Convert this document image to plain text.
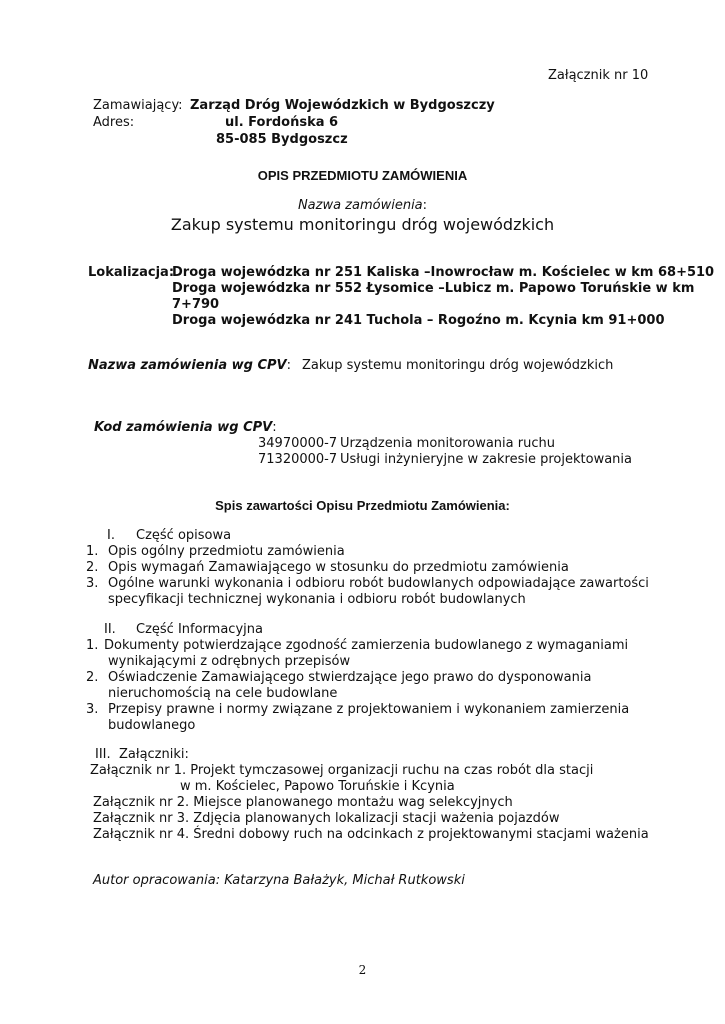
Załącznik nr 10
Zamawiający: Zarząd Dróg Wojewódzkich w Bydgoszczy
Adres:	ul. Fordońska 6
85-085 Bydgoszcz
OPIS PRZEDMIOTU ZAMÓWIENIA
Nazwa zamówienia:
Zakup systemu monitoringu dróg wojewódzkich
Lokalizacja:
Droga wojewódzka nr 251 Kaliska –Inowrocław m. Kościelec w km 68+510
Droga wojewódzka nr 552 Łysomice –Lubicz m. Papowo Toruńskie w km
7+790
Droga wojewódzka nr 241 Tuchola – Rogoźno m. Kcynia km 91+000
Nazwa zamówienia wg CPV: Zakup systemu monitoringu dróg wojewódzkich
Kod zamówienia wg CPV:
34970000-7 Urządzenia monitorowania ruchu
71320000-7 Usługi inżynieryjne w zakresie projektowania
Spis zawartości Opisu Przedmiotu Zamówienia:
I. Część opisowa
1. Opis ogólny przedmiotu zamówienia
2. Opis wymagań Zamawiającego w stosunku do przedmiotu zamówienia
3. Ogólne warunki wykonania i odbioru robót budowlanych odpowiadające zawartości
specyfikacji technicznej wykonania i odbioru robót budowlanych
II. Część Informacyjna
1. Dokumenty potwierdzające zgodność zamierzenia budowlanego z wymaganiami
wynikającymi z odrębnych przepisów
2. Oświadczenie Zamawiającego stwierdzające jego prawo do dysponowania
nieruchomością na cele budowlane
3. Przepisy prawne i normy związane z projektowaniem i wykonaniem zamierzenia
budowlanego
III. Załączniki:
Załącznik nr 1. Projekt tymczasowej organizacji ruchu na czas robót dla stacji
w m. Kościelec, Papowo Toruńskie i Kcynia
Załącznik nr 2. Miejsce planowanego montażu wag selekcyjnych
Załącznik nr 3. Zdjęcia planowanych lokalizacji stacji ważenia pojazdów
Załącznik nr 4. Średni dobowy ruch na odcinkach z projektowanymi stacjami ważenia
Autor opracowania: Katarzyna Bałażyk, Michał Rutkowski
2
